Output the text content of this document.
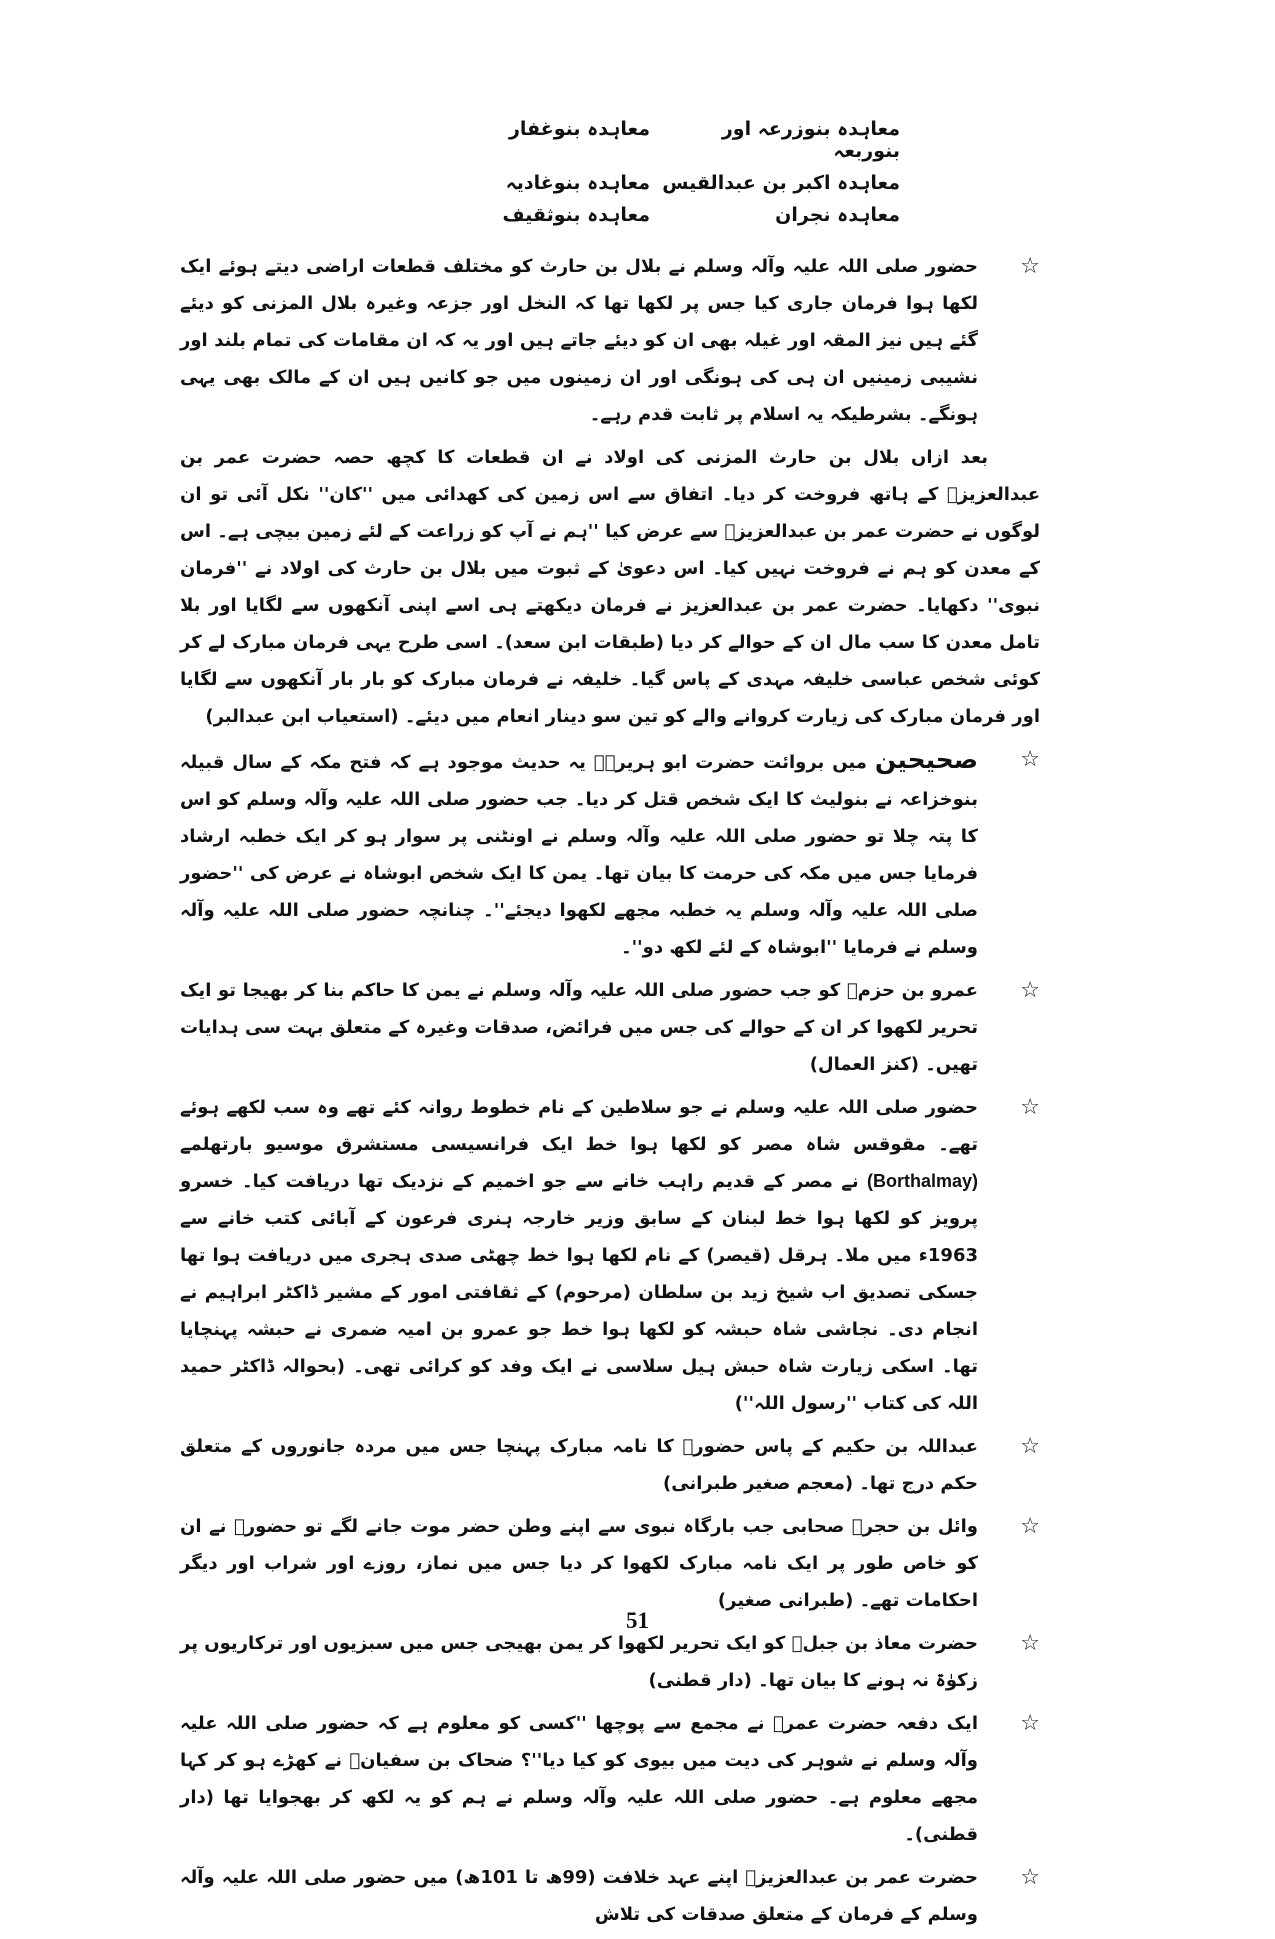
معاہدہ بنوزرعہ اور بنوربعہ
معاہدہ بنوغفار
معاہدہ اکبر بن عبدالقیس
معاہدہ بنوغادیہ
معاہدہ نجران
معاہدہ بنوثقیف

☆
حضور صلی اللہ علیہ وآلہ وسلم نے بلال بن حارث کو مختلف قطعات اراضی دیتے ہوئے ایک لکھا ہوا فرمان جاری کیا جس پر لکھا تھا کہ النخل اور جزعہ وغیرہ بلال المزنی کو دیئے گئے ہیں نیز المقہ اور غیلہ بھی ان کو دیئے جاتے ہیں اور یہ کہ ان مقامات کی تمام بلند اور نشیبی زمینیں ان ہی کی ہونگی اور ان زمینوں میں جو کانیں ہیں ان کے مالک بھی یہی ہونگے۔ بشرطیکہ یہ اسلام پر ثابت قدم رہے۔

بعد ازاں بلال بن حارث المزنی کی اولاد نے ان قطعات کا کچھ حصہ حضرت عمر بن عبدالعزیزؒ کے ہاتھ فروخت کر دیا۔ اتفاق سے اس زمین کی کھدائی میں ''کان'' نکل آئی تو ان لوگوں نے حضرت عمر بن عبدالعزیزؒ سے عرض کیا ''ہم نے آپ کو زراعت کے لئے زمین بیچی ہے۔ اس کے معدن کو ہم نے فروخت نہیں کیا۔ اس دعویٰ کے ثبوت میں بلال بن حارث کی اولاد نے ''فرمان نبوی'' دکھایا۔ حضرت عمر بن عبدالعزیز نے فرمان دیکھتے ہی اسے اپنی آنکھوں سے لگایا اور بلا تامل معدن کا سب مال ان کے حوالے کر دیا (طبقات ابن سعد)۔ اسی طرح یہی فرمان مبارک لے کر کوئی شخص عباسی خلیفہ مہدی کے پاس گیا۔ خلیفہ نے فرمان مبارک کو بار بار آنکھوں سے لگایا اور فرمان مبارک کی زیارت کروانے والے کو تین سو دینار انعام میں دیئے۔ (استعیاب ابن عبدالبر)

☆
صحیحین میں بروائت حضرت ابو ہریرہؓ یہ حدیث موجود ہے کہ فتح مکہ کے سال قبیلہ بنوخزاعہ نے بنولیث کا ایک شخص قتل کر دیا۔ جب حضور صلی اللہ علیہ وآلہ وسلم کو اس کا پتہ چلا تو حضور صلی اللہ علیہ وآلہ وسلم نے اونٹنی پر سوار ہو کر ایک خطبہ ارشاد فرمایا جس میں مکہ کی حرمت کا بیان تھا۔ یمن کا ایک شخص ابوشاہ نے عرض کی ''حضور صلی اللہ علیہ وآلہ وسلم یہ خطبہ مجھے لکھوا دیجئے''۔ چنانچہ حضور صلی اللہ علیہ وآلہ وسلم نے فرمایا ''ابوشاہ کے لئے لکھ دو''۔

☆
عمرو بن حزمؓ کو جب حضور صلی اللہ علیہ وآلہ وسلم نے یمن کا حاکم بنا کر بھیجا تو ایک تحریر لکھوا کر ان کے حوالے کی جس میں فرائض، صدقات وغیرہ کے متعلق بہت سی ہدایات تھیں۔ (کنز العمال)

☆
حضور صلی اللہ علیہ وسلم نے جو سلاطین کے نام خطوط روانہ کئے تھے وہ سب لکھے ہوئے تھے۔ مقوقس شاہ مصر کو لکھا ہوا خط ایک فرانسیسی مستشرق موسیو بارتھلمے (Borthalmay) نے مصر کے قدیم راہب خانے سے جو اخمیم کے نزدیک تھا دریافت کیا۔ خسرو پرویز کو لکھا ہوا خط لبنان کے سابق وزیر خارجہ ہنری فرعون کے آبائی کتب خانے سے 1963ء میں ملا۔ ہرقل (قیصر) کے نام لکھا ہوا خط چھٹی صدی ہجری میں دریافت ہوا تھا جسکی تصدیق اب شیخ زید بن سلطان (مرحوم) کے ثقافتی امور کے مشیر ڈاکٹر ابراہیم نے انجام دی۔ نجاشی شاہ حبشہ کو لکھا ہوا خط جو عمرو بن امیہ ضمری نے حبشہ پہنچایا تھا۔ اسکی زیارت شاہ حبش ہیل سلاسی نے ایک وفد کو کرائی تھی۔ (بحوالہ ڈاکٹر حمید اللہ کی کتاب ''رسول اللہ'')

☆
عبداللہ بن حکیم کے پاس حضورؐ کا نامہ مبارک پہنچا جس میں مردہ جانوروں کے متعلق حکم درج تھا۔ (معجم صغیر طبرانی)

☆
وائل بن حجرؓ صحابی جب بارگاہ نبوی سے اپنے وطن حضر موت جانے لگے تو حضورؐ نے ان کو خاص طور پر ایک نامہ مبارک لکھوا کر دیا جس میں نماز، روزے اور شراب اور دیگر احکامات تھے۔ (طبرانی صغیر)

☆
حضرت معاذ بن جبلؓ کو ایک تحریر لکھوا کر یمن بھیجی جس میں سبزیوں اور ترکاریوں پر زکوٰۃ نہ ہونے کا بیان تھا۔ (دار قطنی)

☆
ایک دفعہ حضرت عمرؓ نے مجمع سے پوچھا ''کسی کو معلوم ہے کہ حضور صلی اللہ علیہ وآلہ وسلم نے شوہر کی دیت میں بیوی کو کیا دیا''؟ ضحاک بن سفیانؓ نے کھڑے ہو کر کہا مجھے معلوم ہے۔ حضور صلی اللہ علیہ وآلہ وسلم نے ہم کو یہ لکھ کر بھجوایا تھا (دار قطنی)۔

☆
حضرت عمر بن عبدالعزیزؒ اپنے عہد خلافت (99ھ تا 101ھ) میں حضور صلی اللہ علیہ وآلہ وسلم کے فرمان کے متعلق صدقات کی تلاش

51
